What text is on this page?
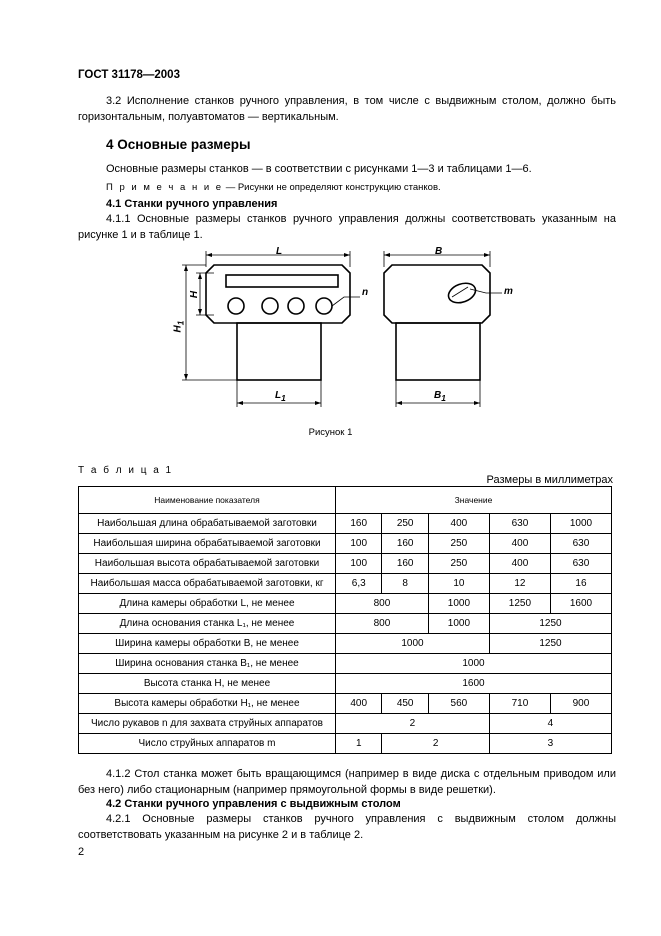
ГОСТ 31178—2003
3.2 Исполнение станков ручного управления, в том числе с выдвижным столом, должно быть горизонтальным, полуавтоматов — вертикальным.
4 Основные размеры
Основные размеры станков — в соответствии с рисунками 1—3 и таблицами 1—6.
П р и м е ч а н и е — Рисунки не определяют конструкцию станков.
4.1 Станки ручного управления
4.1.1 Основные размеры станков ручного управления должны соответствовать указанным на рисунке 1 и в таблице 1.
L	B
H
$H_1$
$L_1$	$B_1$
n	m
Рисунок 1
Т а б л и ц а 1
Размеры в миллиметрах
Наименование показателя	Значение				
Наибольшая длина обрабатываемой заготовки	160	250	400	630	1000
Наибольшая ширина обрабатываемой заготовки	100	160	250	400	630
Наибольшая высота обрабатываемой заготовки	100	160	250	400	630
Наибольшая масса обрабатываемой заготовки, кг	6,3	8	10	12	16
Длина камеры обработки L, не менее	800		1000	1250	1600
Длина основания станка L₁, не менее	800		1000	1250	
Ширина камеры обработки B, не менее	1000			1250	
Ширина основания станка B₁, не менее	1000				
Высота станка H, не менее	1600				
Высота камеры обработки H₁, не менее	400	450	560	710	900
Число рукавов n для захвата струйных аппаратов	2			4	
Число струйных аппаратов m	1	2		3	
4.1.2 Стол станка может быть вращающимся (например в виде диска с отдельным приводом или без него) либо стационарным (например прямоугольной формы в виде решетки).
4.2 Станки ручного управления с выдвижным столом
4.2.1 Основные размеры станков ручного управления с выдвижным столом должны соответствовать указанным на рисунке 2 и в таблице 2.
2
